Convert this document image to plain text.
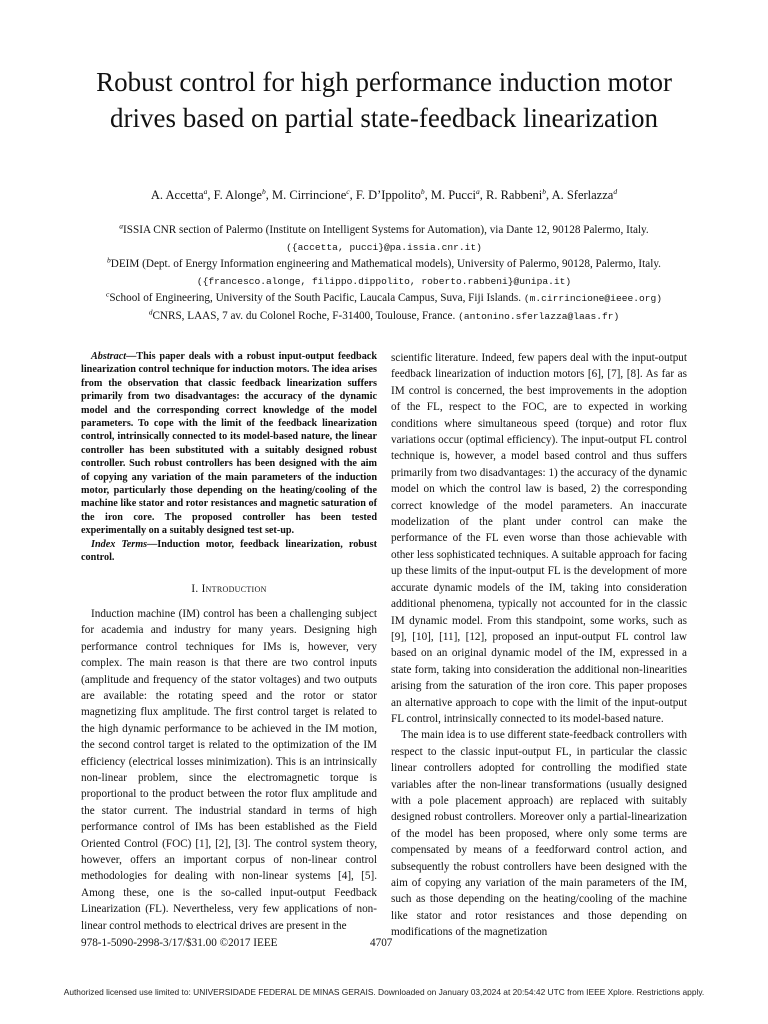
Robust control for high performance induction motor drives based on partial state-feedback linearization
A. Accetta$^a$, F. Alonge$^b$, M. Cirrincione$^c$, F. D’Ippolito$^b$, M. Pucci$^a$, R. Rabbeni$^b$, A. Sferlazza$^d$
$^a$ISSIA CNR section of Palermo (Institute on Intelligent Systems for Automation), via Dante 12, 90128 Palermo, Italy.
({accetta, pucci}@pa.issia.cnr.it)
$^b$DEIM (Dept. of Energy Information engineering and Mathematical models), University of Palermo, 90128, Palermo, Italy.
({francesco.alonge, filippo.dippolito, roberto.rabbeni}@unipa.it)
$^c$School of Engineering, University of the South Pacific, Laucala Campus, Suva, Fiji Islands. (m.cirrincione@ieee.org)
$^d$CNRS, LAAS, 7 av. du Colonel Roche, F-31400, Toulouse, France. (antonino.sferlazza@laas.fr)

Abstract—This paper deals with a robust input-output feedback linearization control technique for induction motors. The idea arises from the observation that classic feedback linearization suffers primarily from two disadvantages: the accuracy of the dynamic model and the corresponding correct knowledge of the model parameters. To cope with the limit of the feedback linearization control, intrinsically connected to its model-based nature, the linear controller has been substituted with a suitably designed robust controller. Such robust controllers has been designed with the aim of copying any variation of the main parameters of the induction motor, particularly those depending on the heating/cooling of the machine like stator and rotor resistances and magnetic saturation of the iron core. The proposed controller has been tested experimentally on a suitably designed test set-up.

Index Terms—Induction motor, feedback linearization, robust control.

I. Introduction

Induction machine (IM) control has been a challenging subject for academia and industry for many years. Designing high performance control techniques for IMs is, however, very complex. The main reason is that there are two control inputs (amplitude and frequency of the stator voltages) and two outputs are available: the rotating speed and the rotor or stator magnetizing flux amplitude. The first control target is related to the high dynamic performance to be achieved in the IM motion, the second control target is related to the optimization of the IM efficiency (electrical losses minimization). This is an intrinsically non-linear problem, since the electromagnetic torque is proportional to the product between the rotor flux amplitude and the stator current. The industrial standard in terms of high performance control of IMs has been established as the Field Oriented Control (FOC) [1], [2], [3]. The control system theory, however, offers an important corpus of non-linear control methodologies for dealing with non-linear systems [4], [5]. Among these, one is the so-called input-output Feedback Linearization (FL). Nevertheless, very few applications of non-linear control methods to electrical drives are present in the

scientific literature. Indeed, few papers deal with the input-output feedback linearization of induction motors [6], [7], [8]. As far as IM control is concerned, the best improvements in the adoption of the FL, respect to the FOC, are to expected in working conditions where simultaneous speed (torque) and rotor flux variations occur (optimal efficiency). The input-output FL control technique is, however, a model based control and thus suffers primarily from two disadvantages: 1) the accuracy of the dynamic model on which the control law is based, 2) the corresponding correct knowledge of the model parameters. An inaccurate modelization of the plant under control can make the performance of the FL even worse than those achievable with other less sophisticated techniques. A suitable approach for facing up these limits of the input-output FL is the development of more accurate dynamic models of the IM, taking into consideration additional phenomena, typically not accounted for in the classic IM dynamic model. From this standpoint, some works, such as [9], [10], [11], [12], proposed an input-output FL control law based on an original dynamic model of the IM, expressed in a state form, taking into consideration the additional non-linearities arising from the saturation of the iron core. This paper proposes an alternative approach to cope with the limit of the input-output FL control, intrinsically connected to its model-based nature.

The main idea is to use different state-feedback controllers with respect to the classic input-output FL, in particular the classic linear controllers adopted for controlling the modified state variables after the non-linear transformations (usually designed with a pole placement approach) are replaced with suitably designed robust controllers. Moreover only a partial-linearization of the model has been proposed, where only some terms are compensated by means of a feedforward control action, and subsequently the robust controllers have been designed with the aim of copying any variation of the main parameters of the IM, such as those depending on the heating/cooling of the machine like stator and rotor resistances and those depending on modifications of the magnetization

978-1-5090-2998-3/17/$31.00 ©2017 IEEE	4707
Authorized licensed use limited to: UNIVERSIDADE FEDERAL DE MINAS GERAIS. Downloaded on January 03,2024 at 20:54:42 UTC from IEEE Xplore. Restrictions apply.
